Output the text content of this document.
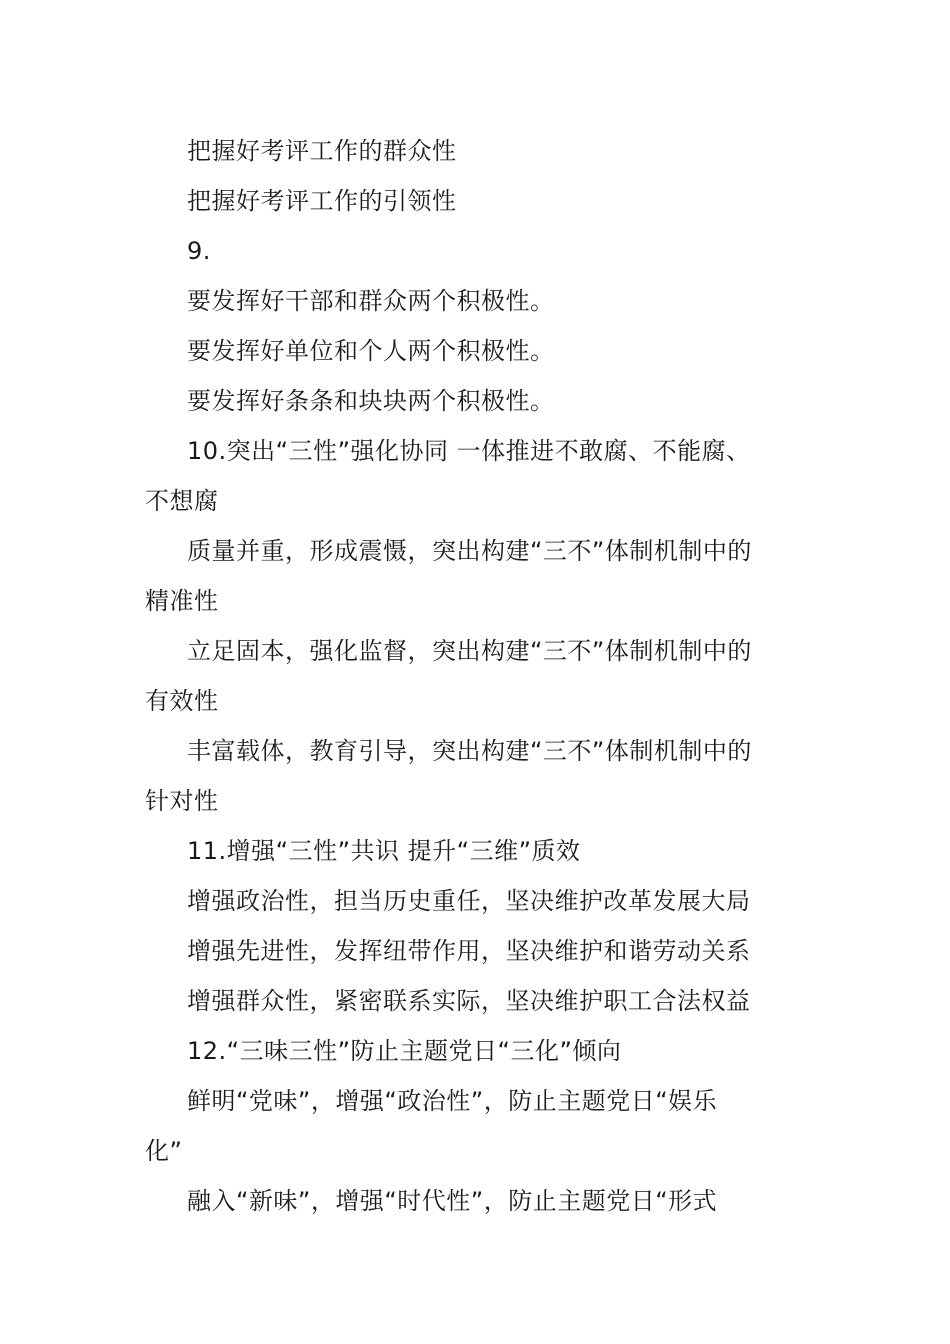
把握好考评工作的群众性
把握好考评工作的引领性
9.
要发挥好干部和群众两个积极性。
要发挥好单位和个人两个积极性。
要发挥好条条和块块两个积极性。
10.突出“三性”强化协同 一体推进不敢腐、不能腐、
不想腐
质量并重，形成震慑，突出构建“三不”体制机制中的
精准性
立足固本，强化监督，突出构建“三不”体制机制中的
有效性
丰富载体，教育引导，突出构建“三不”体制机制中的
针对性
11.增强“三性”共识 提升“三维”质效
增强政治性，担当历史重任，坚决维护改革发展大局
增强先进性，发挥纽带作用，坚决维护和谐劳动关系
增强群众性，紧密联系实际，坚决维护职工合法权益
12.“三味三性”防止主题党日“三化”倾向
鲜明“党味”，增强“政治性”，防止主题党日“娱乐
化”
融入“新味”，增强“时代性”，防止主题党日“形式
